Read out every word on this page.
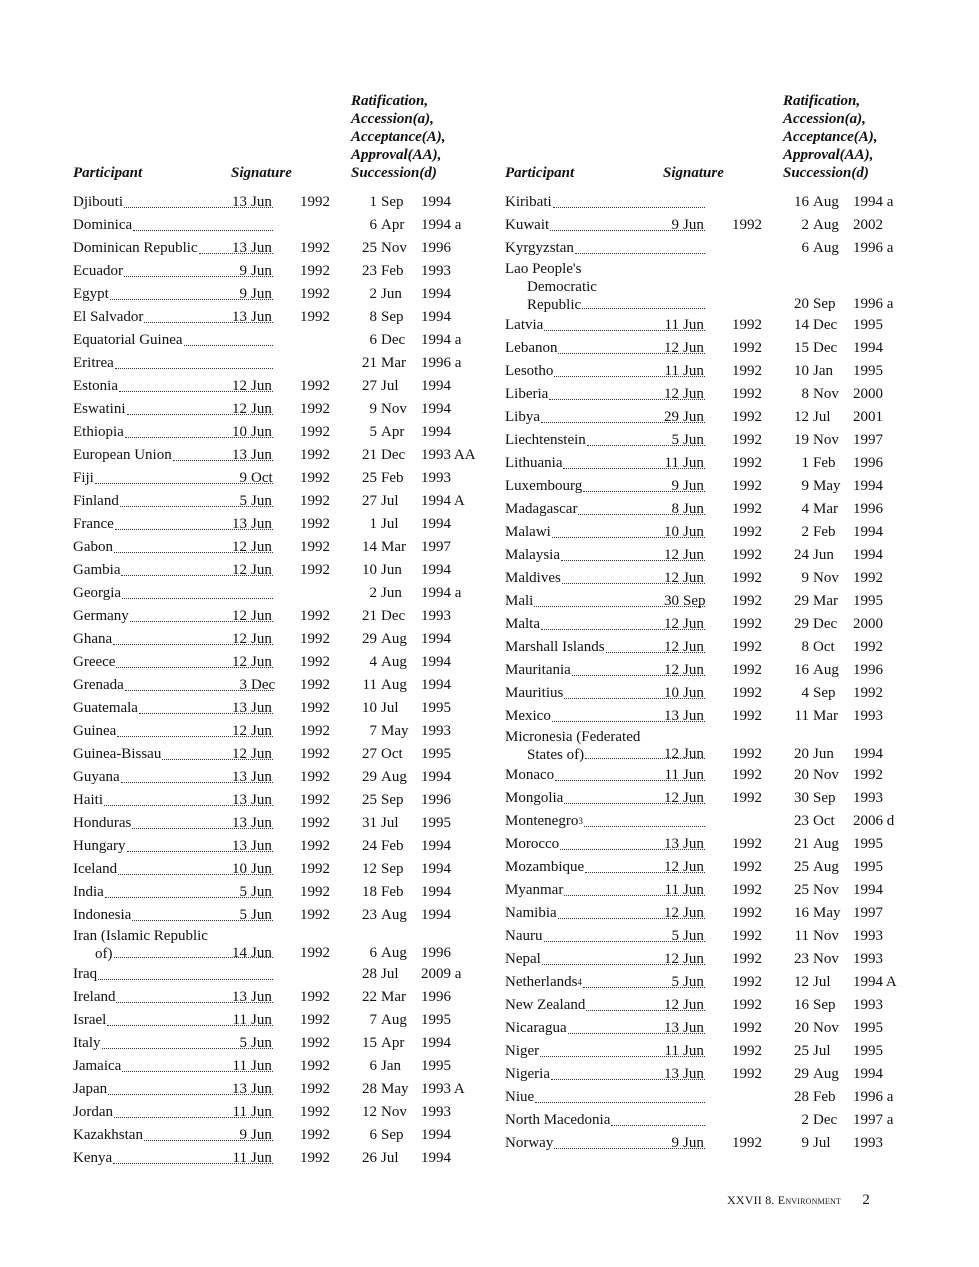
Participant	Signature
Ratification,
Accession(a),
Acceptance(A),
Approval(AA),
Succession(d)
Djibouti	13 Jun	1992	1 Sep	1994
Dominica	6 Apr	1994 a
Dominican Republic 13 Jun	1992	25 Nov 1996
Ecuador	9 Jun	1992	23 Feb	1993
Egypt	9 Jun	1992	2 Jun	1994
El Salvador	13 Jun	1992	8 Sep	1994
Equatorial Guinea	6 Dec	1994 a
Eritrea	21 Mar	1996 a
Estonia	12 Jun	1992	27 Jul	1994
Eswatini	12 Jun	1992	9 Nov 1994
Ethiopia	10 Jun	1992	5 Apr	1994
European Union	13 Jun	1992	21 Dec	1993 AA
Fiji	9 Oct	1992	25 Feb	1993
Finland	5 Jun	1992	27 Jul	1994 A
France	13 Jun	1992	1 Jul	1994
Gabon	12 Jun	1992	14 Mar	1997
Gambia	12 Jun	1992	10 Jun	1994
Georgia	2 Jun	1994 a
Germany	12 Jun	1992	21 Dec	1993
Ghana	12 Jun	1992	29 Aug 1994
Greece	12 Jun	1992	4 Aug 1994
Grenada	3 Dec 1992	11 Aug 1994
Guatemala	13 Jun	1992	10 Jul	1995
Guinea	12 Jun	1992	7 May 1993
Guinea-Bissau	12 Jun	1992	27 Oct	1995
Guyana	13 Jun	1992	29 Aug 1994
Haiti	13 Jun	1992	25 Sep	1996
Honduras	13 Jun	1992	31 Jul	1995
Hungary	13 Jun	1992	24 Feb	1994
Iceland	10 Jun	1992	12 Sep	1994
India	5 Jun	1992	18 Feb	1994
Indonesia	5 Jun	1992	23 Aug 1994
Iran (Islamic Republic
of)	14 Jun	1992	6 Aug 1996
Iraq	28 Jul	2009 a
Ireland	13 Jun	1992	22 Mar	1996
Israel	11 Jun	1992	7 Aug 1995
Italy	5 Jun	1992	15 Apr	1994
Jamaica	11 Jun	1992	6 Jan	1995
Japan	13 Jun	1992	28 May 1993 A
Jordan	11 Jun	1992	12 Nov 1993
Kazakhstan	9 Jun	1992	6 Sep	1994
Kenya	11 Jun	1992	26 Jul	1994
Participant	Signature
Ratification,
Accession(a),
Acceptance(A),
Approval(AA),
Succession(d)
Kiribati	16 Aug 1994 a
Kuwait	9 Jun	1992	2 Aug 2002
Kyrgyzstan	6 Aug 1996 a
Lao People's
Democratic
Republic	20 Sep	1996 a
Latvia	11 Jun	1992	14 Dec	1995
Lebanon	12 Jun	1992	15 Dec	1994
Lesotho	11 Jun	1992	10 Jan	1995
Liberia	12 Jun	1992	8 Nov 2000
Libya	29 Jun	1992	12 Jul	2001
Liechtenstein	5 Jun	1992	19 Nov 1997
Lithuania	11 Jun	1992	1 Feb	1996
Luxembourg	9 Jun	1992	9 May 1994
Madagascar	8 Jun	1992	4 Mar	1996
Malawi	10 Jun	1992	2 Feb	1994
Malaysia	12 Jun	1992	24 Jun	1994
Maldives	12 Jun	1992	9 Nov 1992
Mali	30 Sep	1992	29 Mar	1995
Malta	12 Jun	1992	29 Dec	2000
Marshall Islands	12 Jun	1992	8 Oct	1992
Mauritania	12 Jun	1992	16 Aug 1996
Mauritius	10 Jun	1992	4 Sep	1992
Mexico	13 Jun	1992	11 Mar	1993
Micronesia (Federated
States of)	12 Jun	1992	20 Jun	1994
Monaco	11 Jun	1992	20 Nov 1992
Mongolia	12 Jun	1992	30 Sep	1993
Montenegro 3	23 Oct	2006 d
Morocco	13 Jun	1992	21 Aug 1995
Mozambique	12 Jun	1992	25 Aug 1995
Myanmar	11 Jun	1992	25 Nov 1994
Namibia	12 Jun	1992	16 May 1997
Nauru	5 Jun	1992	11 Nov 1993
Nepal	12 Jun	1992	23 Nov 1993
Netherlands 4	5 Jun	1992	12 Jul	1994 A
New Zealand	12 Jun	1992	16 Sep	1993
Nicaragua	13 Jun	1992	20 Nov 1995
Niger	11 Jun	1992	25 Jul	1995
Nigeria	13 Jun	1992	29 Aug 1994
Niue	28 Feb	1996 a
North Macedonia	2 Dec	1997 a
Norway	9 Jun	1992	9 Jul	1993
XXVII 8. Environment 2
